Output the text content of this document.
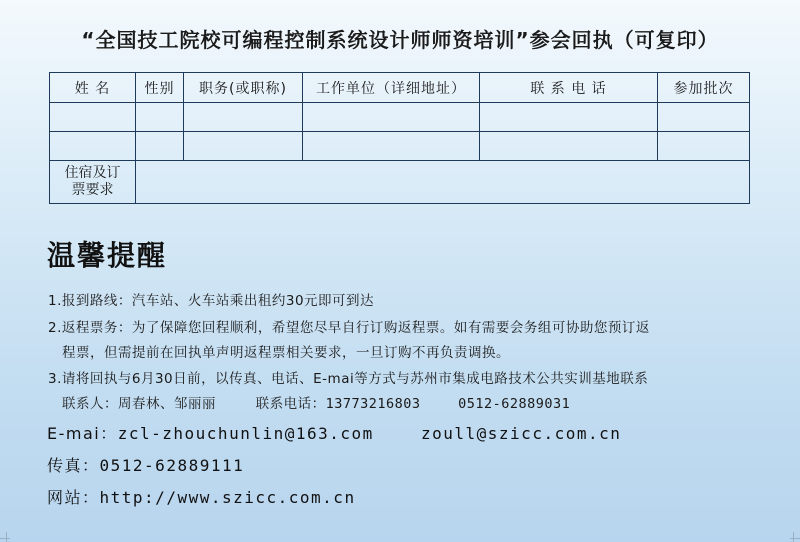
“全国技工院校可编程控制系统设计师师资培训”参会回执（可复印）
姓 名	性别	职务(或职称)	工作单位（详细地址）	联 系 电 话	参加批次

住宿及订
票要求					

温馨提醒
1.报到路线：汽车站、火车站乘出租约30元即可到达
2.返程票务：为了保障您回程顺利，希望您尽早自行订购返程票。如有需要会务组可协助您预订返
程票，但需提前在回执单声明返程票相关要求，一旦订购不再负责调换。
3.请将回执与6月30日前，以传真、电话、E-mai等方式与苏州市集成电路技术公共实训基地联系
联系人：周春林、邹丽丽	联系电话：13773216803	0512-62889031
E-mai：zcl-zhouchunlin@163.com	zoull@szicc.com.cn
传真：0512-62889111
网站：http://www.szicc.com.cn
